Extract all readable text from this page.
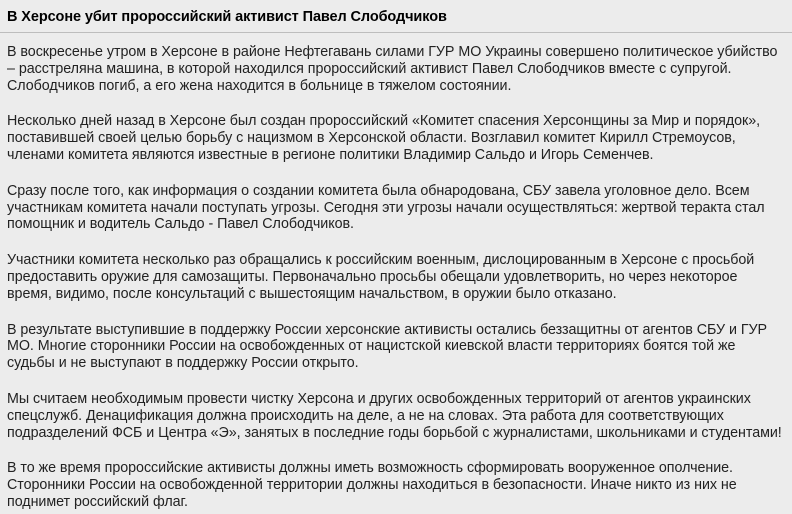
В Херсоне убит пророссийский активист Павел Слободчиков

В воскресенье утром в Херсоне в районе Нефтегавань силами ГУР МО Украины совершено политическое убийство – расстреляна машина, в которой находился пророссийский активист Павел Слободчиков вместе с супругой. Слободчиков погиб, а его жена находится в больнице в тяжелом состоянии.

Несколько дней назад в Херсоне был создан пророссийский «Комитет спасения Херсонщины за Мир и порядок», поставившей своей целью борьбу с нацизмом в Херсонской области. Возглавил комитет Кирилл Стремоусов, членами комитета являются известные в регионе политики Владимир Сальдо и Игорь Семенчев.

Сразу после того, как информация о создании комитета была обнародована, СБУ завела уголовное дело. Всем участникам комитета начали поступать угрозы. Сегодня эти угрозы начали осуществляться: жертвой теракта стал помощник и водитель Сальдо - Павел Слободчиков.

Участники комитета несколько раз обращались к российским военным, дислоцированным в Херсоне с просьбой предоставить оружие для самозащиты. Первоначально просьбы обещали удовлетворить, но через некоторое время, видимо, после консультаций с вышестоящим начальством, в оружии было отказано.

В результате выступившие в поддержку России херсонские активисты остались беззащитны от агентов СБУ и ГУР МО. Многие сторонники России на освобожденных от нацистской киевской власти территориях боятся той же судьбы и не выступают в поддержку России открыто.

Мы считаем необходимым провести чистку Херсона и других освобожденных территорий от агентов украинских спецслужб. Денацификация должна происходить на деле, а не на словах. Эта работа для соответствующих подразделений ФСБ и Центра «Э», занятых в последние годы борьбой с журналистами, школьниками и студентами!

В то же время пророссийские активисты должны иметь возможность сформировать вооруженное ополчение. Сторонники России на освобожденной территории должны находиться в безопасности. Иначе никто из них не поднимет российский флаг.
